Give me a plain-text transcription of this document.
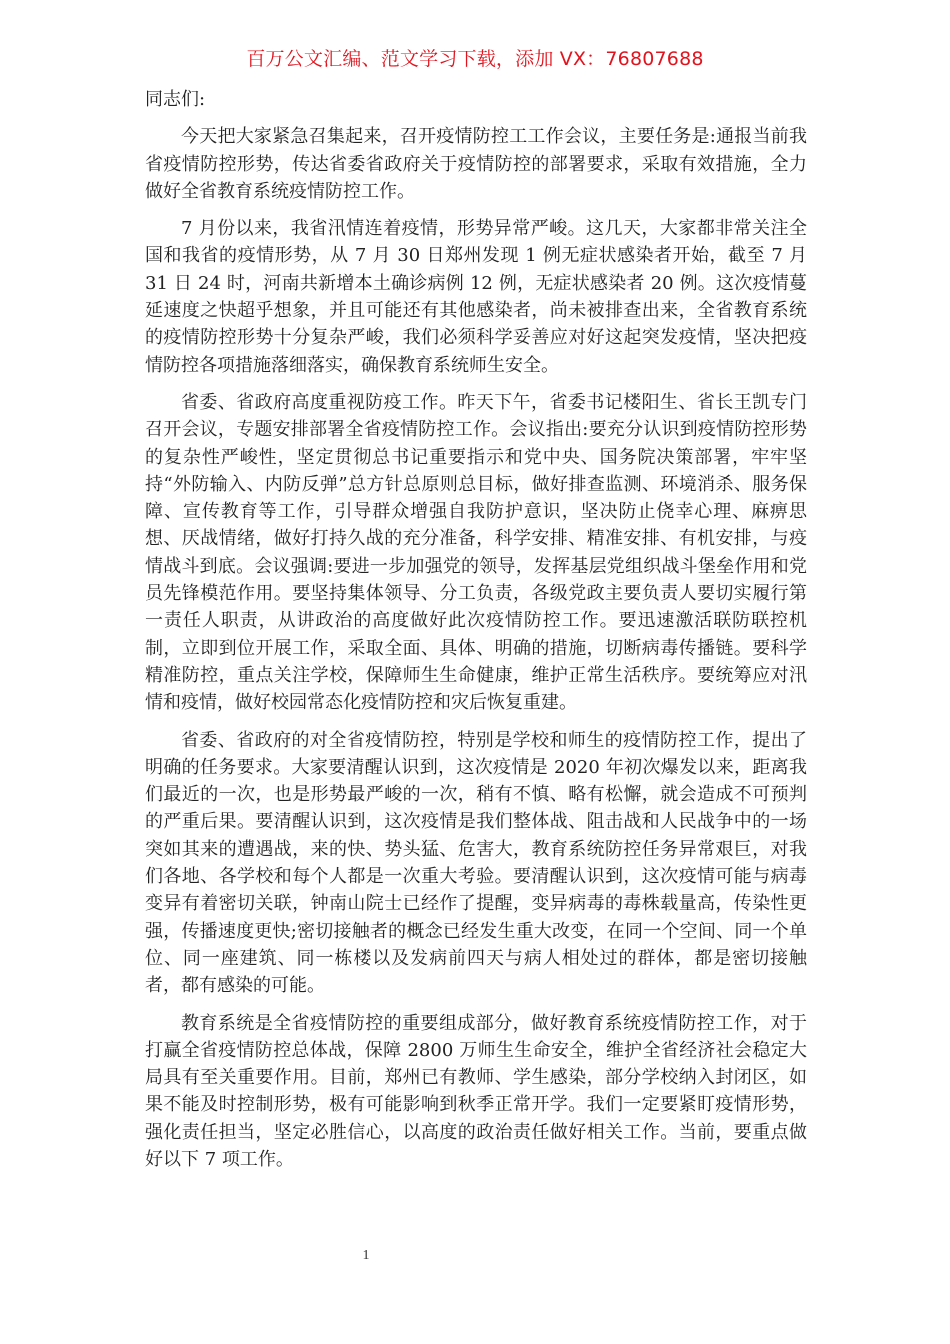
百万公文汇编、范文学习下载，添加 VX：76807688

同志们:

今天把大家紧急召集起来，召开疫情防控工工作会议，主要任务是:通报当前我省疫情防控形势，传达省委省政府关于疫情防控的部署要求，采取有效措施，全力做好全省教育系统疫情防控工作。

7 月份以来，我省汛情连着疫情，形势异常严峻。这几天，大家都非常关注全国和我省的疫情形势，从 7 月 30 日郑州发现 1 例无症状感染者开始，截至 7 月 31 日 24 时，河南共新增本土确诊病例 12 例，无症状感染者 20 例。这次疫情蔓延速度之快超乎想象，并且可能还有其他感染者，尚未被排查出来，全省教育系统的疫情防控形势十分复杂严峻，我们必须科学妥善应对好这起突发疫情，坚决把疫情防控各项措施落细落实，确保教育系统师生安全。

省委、省政府高度重视防疫工作。昨天下午，省委书记楼阳生、省长王凯专门召开会议，专题安排部署全省疫情防控工作。会议指出:要充分认识到疫情防控形势的复杂性严峻性，坚定贯彻总书记重要指示和党中央、国务院决策部署，牢牢坚持“外防输入、内防反弹”总方针总原则总目标，做好排查监测、环境消杀、服务保障、宣传教育等工作，引导群众增强自我防护意识，坚决防止侥幸心理、麻痹思想、厌战情绪，做好打持久战的充分准备，科学安排、精准安排、有机安排，与疫情战斗到底。会议强调:要进一步加强党的领导，发挥基层党组织战斗堡垒作用和党员先锋模范作用。要坚持集体领导、分工负责，各级党政主要负责人要切实履行第一责任人职责，从讲政治的高度做好此次疫情防控工作。要迅速激活联防联控机制，立即到位开展工作，采取全面、具体、明确的措施，切断病毒传播链。要科学精准防控，重点关注学校，保障师生生命健康，维护正常生活秩序。要统筹应对汛情和疫情，做好校园常态化疫情防控和灾后恢复重建。

省委、省政府的对全省疫情防控，特别是学校和师生的疫情防控工作，提出了明确的任务要求。大家要清醒认识到，这次疫情是 2020 年初次爆发以来，距离我们最近的一次，也是形势最严峻的一次，稍有不慎、略有松懈，就会造成不可预判的严重后果。要清醒认识到，这次疫情是我们整体战、阻击战和人民战争中的一场突如其来的遭遇战，来的快、势头猛、危害大，教育系统防控任务异常艰巨，对我们各地、各学校和每个人都是一次重大考验。要清醒认识到，这次疫情可能与病毒变异有着密切关联，钟南山院士已经作了提醒，变异病毒的毒株载量高，传染性更强，传播速度更快;密切接触者的概念已经发生重大改变，在同一个空间、同一个单位、同一座建筑、同一栋楼以及发病前四天与病人相处过的群体，都是密切接触者，都有感染的可能。

教育系统是全省疫情防控的重要组成部分，做好教育系统疫情防控工作，对于打赢全省疫情防控总体战，保障 2800 万师生生命安全，维护全省经济社会稳定大局具有至关重要作用。目前，郑州已有教师、学生感染，部分学校纳入封闭区，如果不能及时控制形势，极有可能影响到秋季正常开学。我们一定要紧盯疫情形势，强化责任担当，坚定必胜信心，以高度的政治责任做好相关工作。当前，要重点做好以下 7 项工作。

1
